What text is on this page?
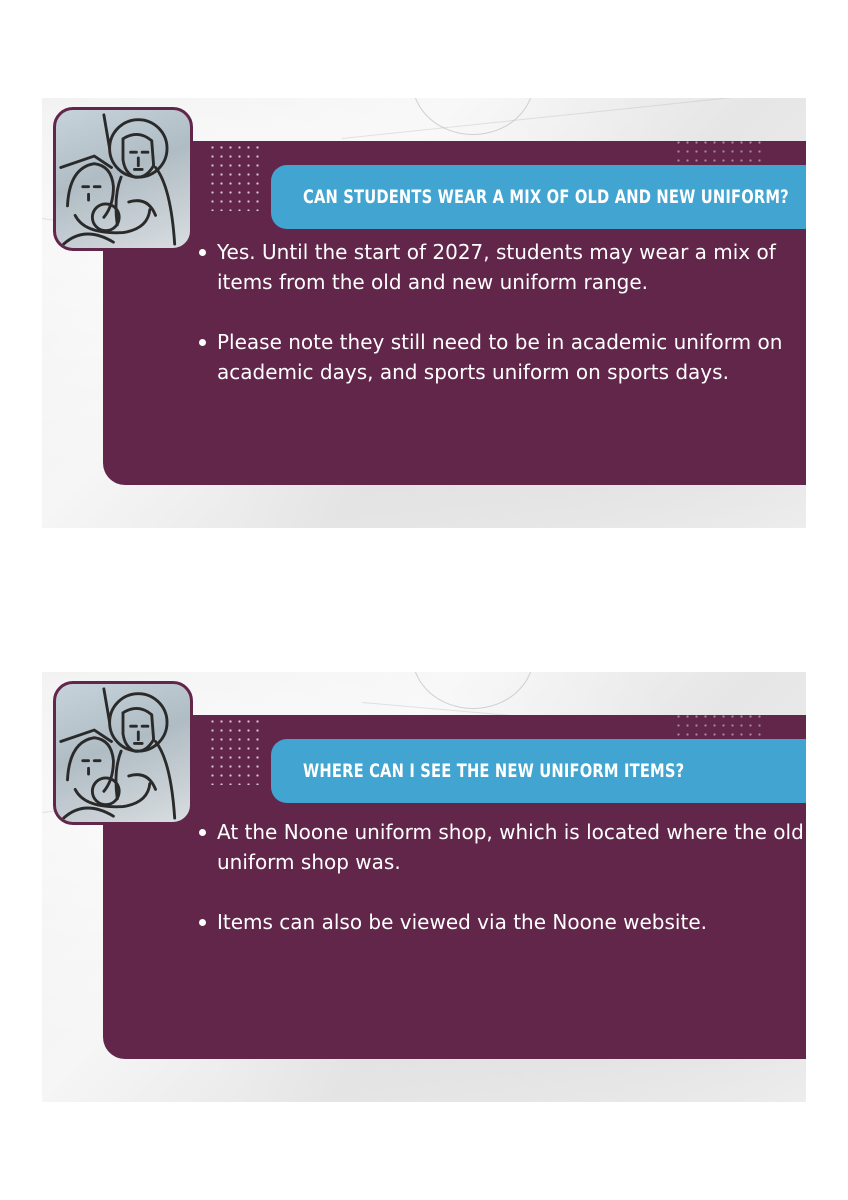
CAN STUDENTS WEAR A MIX OF OLD AND NEW UNIFORM?
Yes. Until the start of 2027, students may wear a mix of items from the old and new uniform range.
Please note they still need to be in academic uniform on academic days, and sports uniform on sports days.
WHERE CAN I SEE THE NEW UNIFORM ITEMS?
At the Noone uniform shop, which is located where the old uniform shop was.
Items can also be viewed via the Noone website.
